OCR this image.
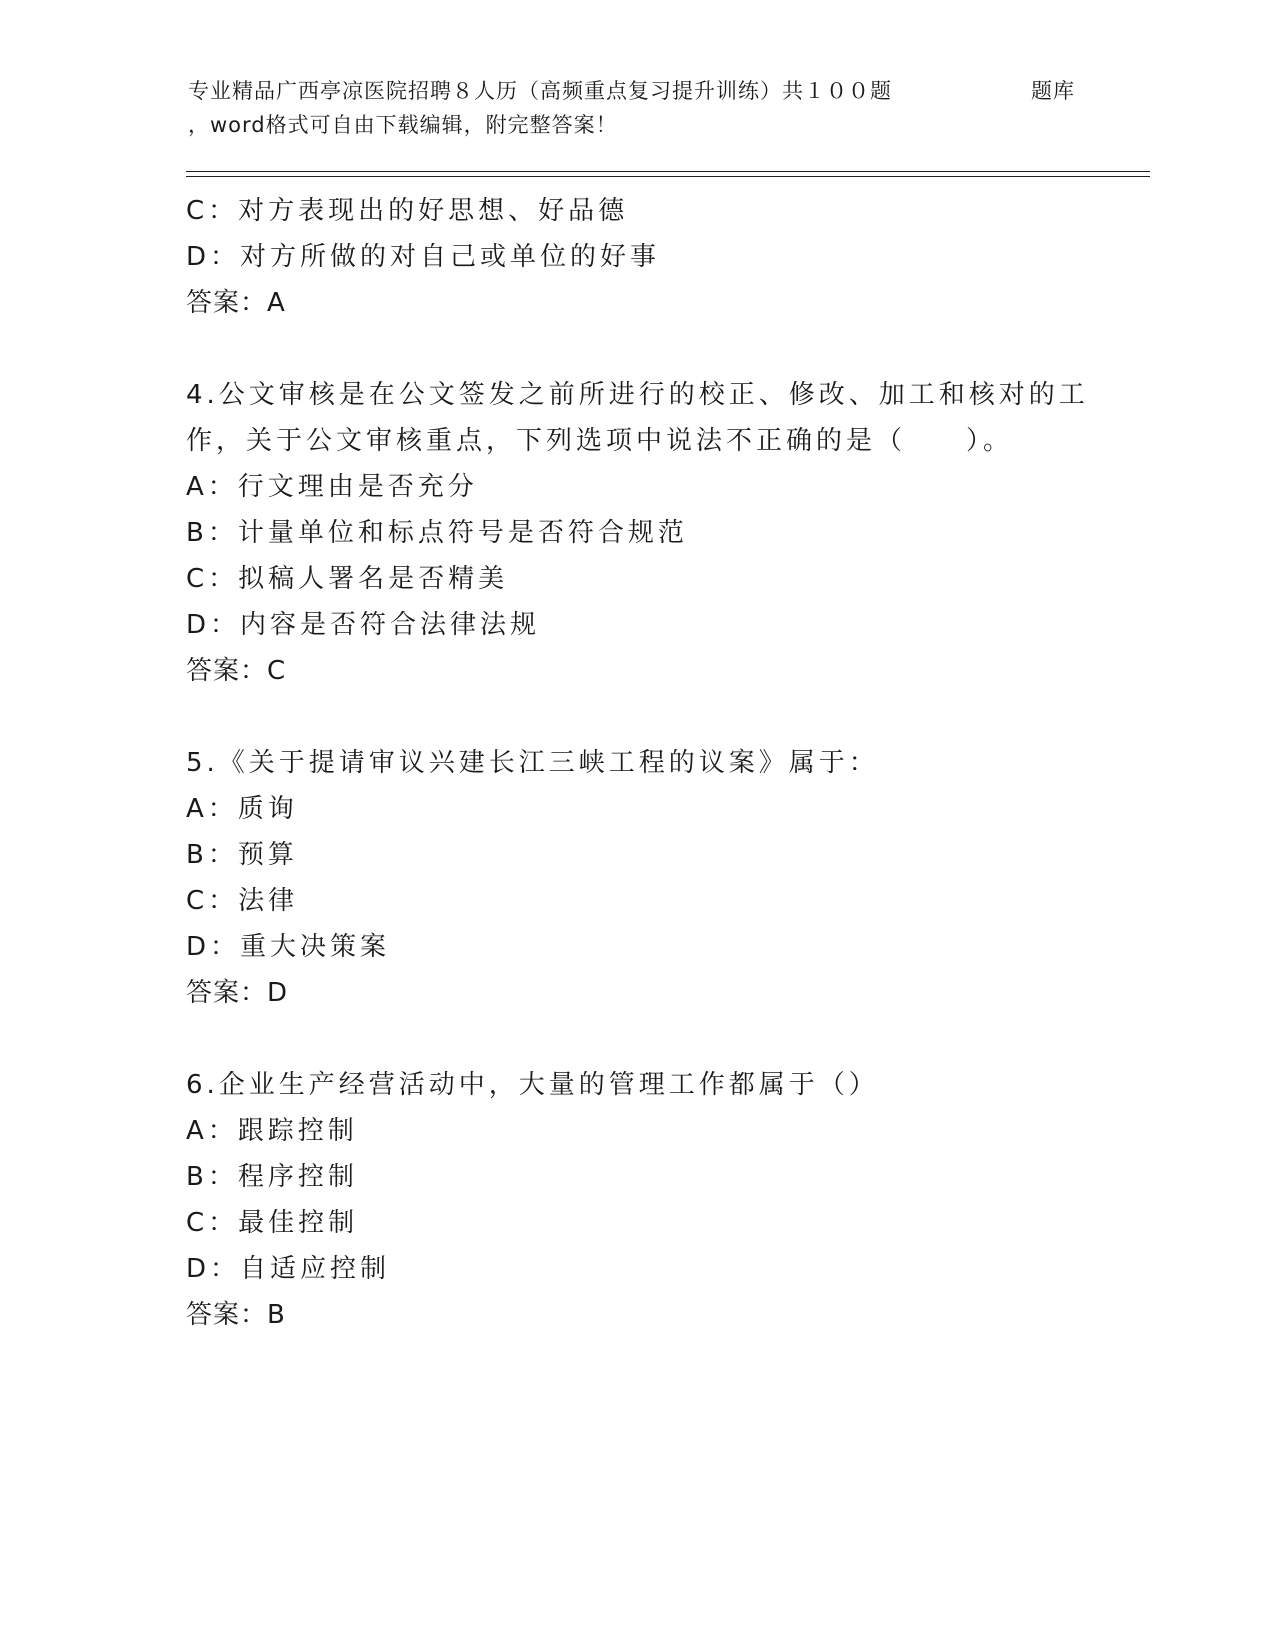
专业精品广西亭凉医院招聘８人历（高频重点复习提升训练）共１００题	题库
，word格式可自由下载编辑，附完整答案！
C：对方表现出的好思想、好品德
D：对方所做的对自己或单位的好事
答案：A
4.公文审核是在公文签发之前所进行的校正、修改、加工和核对的工
作，关于公文审核重点，下列选项中说法不正确的是（　　）。
A：行文理由是否充分
B：计量单位和标点符号是否符合规范
C：拟稿人署名是否精美
D：内容是否符合法律法规
答案：C
5.《关于提请审议兴建长江三峡工程的议案》属于：
A：质询
B：预算
C：法律
D：重大决策案
答案：D
6.企业生产经营活动中，大量的管理工作都属于（）
A：跟踪控制
B：程序控制
C：最佳控制
D：自适应控制
答案：B
